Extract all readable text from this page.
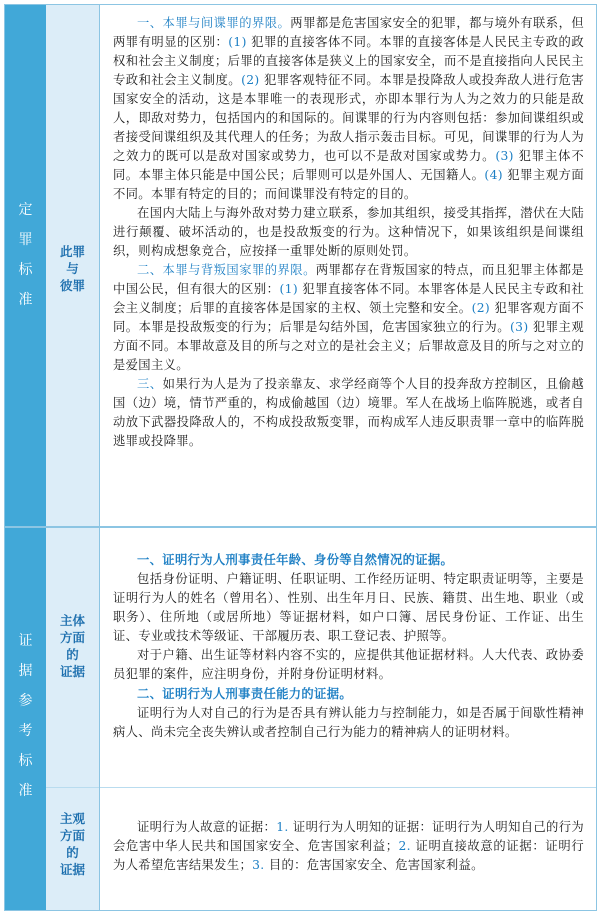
定
罪
标
准
此罪
与
彼罪

一、本罪与间谍罪的界限。两罪都是危害国家安全的犯罪，都与境外有联系，但两罪有明显的区别：(1) 犯罪的直接客体不同。本罪的直接客体是人民民主专政的政权和社会主义制度；后罪的直接客体是狭义上的国家安全，而不是直接指向人民民主专政和社会主义制度。(2) 犯罪客观特征不同。本罪是投降敌人或投奔敌人进行危害国家安全的活动，这是本罪唯一的表现形式，亦即本罪行为人为之效力的只能是敌人，即敌对势力，包括国内的和国际的。间谍罪的行为内容则包括：参加间谍组织或者接受间谍组织及其代理人的任务；为敌人指示轰击目标。可见，间谍罪的行为人为之效力的既可以是敌对国家或势力，也可以不是敌对国家或势力。(3) 犯罪主体不同。本罪主体只能是中国公民；后罪则可以是外国人、无国籍人。(4) 犯罪主观方面不同。本罪有特定的目的；而间谍罪没有特定的目的。

在国内大陆上与海外敌对势力建立联系，参加其组织，接受其指挥，潜伏在大陆进行颠覆、破坏活动的，也是投敌叛变的行为。这种情况下，如果该组织是间谍组织，则构成想象竞合，应按择一重罪处断的原则处罚。

二、本罪与背叛国家罪的界限。两罪都存在背叛国家的特点，而且犯罪主体都是中国公民，但有很大的区别：(1) 犯罪直接客体不同。本罪客体是人民民主专政和社会主义制度；后罪的直接客体是国家的主权、领土完整和安全。(2) 犯罪客观方面不同。本罪是投敌叛变的行为；后罪是勾结外国，危害国家独立的行为。(3) 犯罪主观方面不同。本罪故意及目的所与之对立的是社会主义；后罪故意及目的所与之对立的是爱国主义。

三、如果行为人是为了投亲靠友、求学经商等个人目的投奔敌方控制区，且偷越国（边）境，情节严重的，构成偷越国（边）境罪。军人在战场上临阵脱逃，或者自动放下武器投降敌人的，不构成投敌叛变罪，而构成军人违反职责罪一章中的临阵脱逃罪或投降罪。

证
据
参
考
标
准
主体
方面
的
证据

一、证明行为人刑事责任年龄、身份等自然情况的证据。

包括身份证明、户籍证明、任职证明、工作经历证明、特定职责证明等，主要是证明行为人的姓名（曾用名）、性别、出生年月日、民族、籍贯、出生地、职业（或职务）、住所地（或居所地）等证据材料，如户口簿、居民身份证、工作证、出生证、专业或技术等级证、干部履历表、职工登记表、护照等。

对于户籍、出生证等材料内容不实的，应提供其他证据材料。人大代表、政协委员犯罪的案件，应注明身份，并附身份证明材料。

二、证明行为人刑事责任能力的证据。

证明行为人对自己的行为是否具有辨认能力与控制能力，如是否属于间歇性精神病人、尚未完全丧失辨认或者控制自己行为能力的精神病人的证明材料。

主观
方面
的
证据

证明行为人故意的证据：1. 证明行为人明知的证据：证明行为人明知自己的行为会危害中华人民共和国国家安全、危害国家利益；2. 证明直接故意的证据：证明行为人希望危害结果发生；3. 目的：危害国家安全、危害国家利益。
